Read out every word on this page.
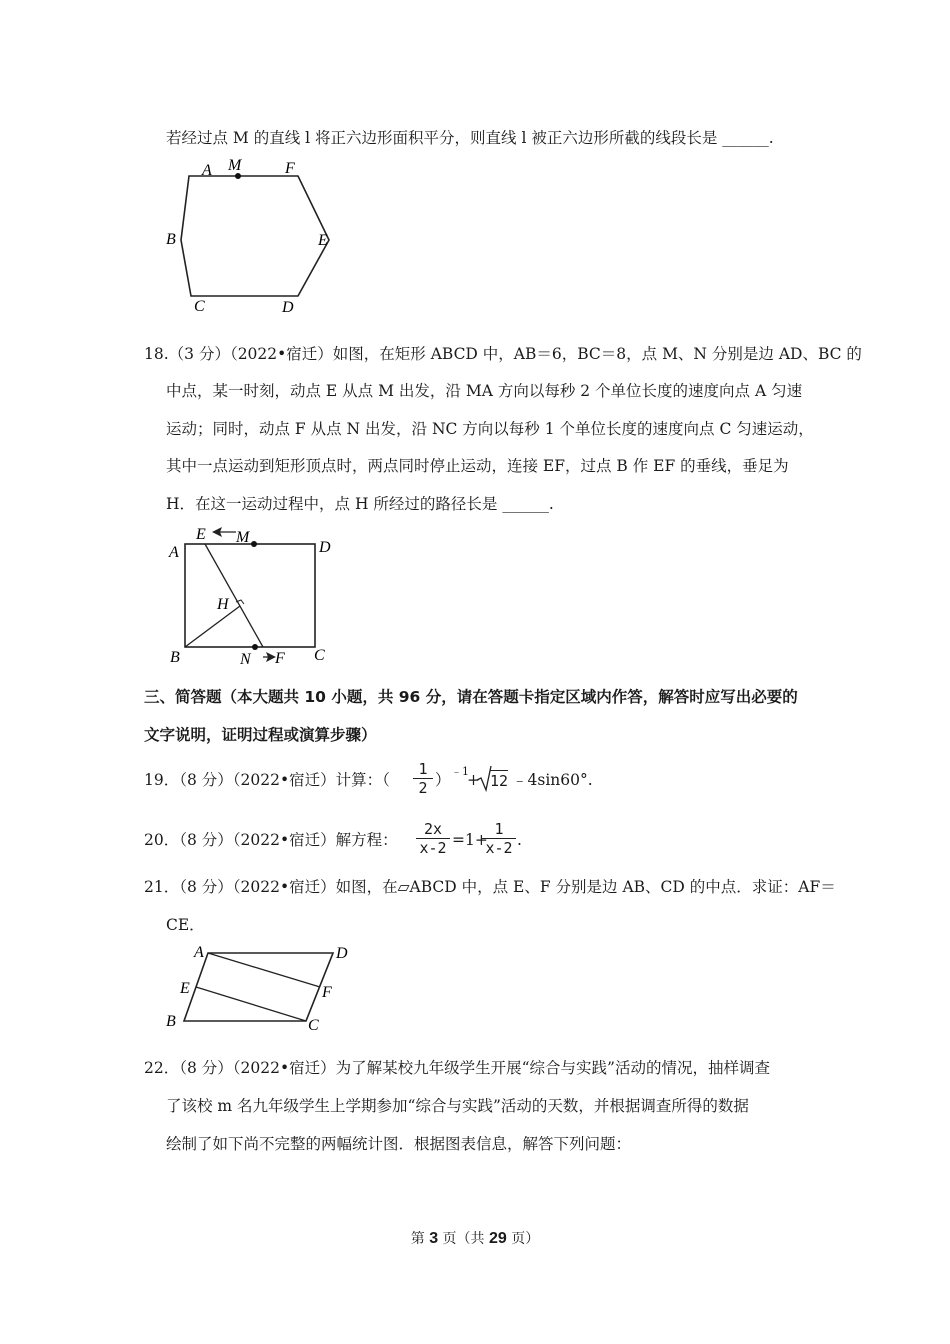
若经过点 M 的直线 l 将正六边形面积平分，则直线 l 被正六边形所截的线段长是 ______.
A M	F
B	E
C	D
18.（3 分）（2022•宿迁）如图，在矩形 ABCD 中，AB＝6，BC＝8，点 M、N 分别是边 AD、BC 的
中点，某一时刻，动点 E 从点 M 出发，沿 MA 方向以每秒 2 个单位长度的速度向点 A 匀速
运动；同时，动点 F 从点 N 出发，沿 NC 方向以每秒 1 个单位长度的速度向点 C 匀速运动，
其中一点运动到矩形顶点时，两点同时停止运动，连接 EF，过点 B 作 EF 的垂线，垂足为
H．在这一运动过程中，点 H 所经过的路径长是 ______.
A
E M
D
H
B	N F C
三、简答题（本大题共 10 小题，共 96 分，请在答题卡指定区域内作答，解答时应写出必要的
文字说明，证明过程或演算步骤）
19．（8 分）（2022•宿迁）计算：（ $\frac{1}{2}$ ） ﹣1
+ 12 ﹣4sin60°.
20．（8 分）（2022•宿迁）解方程： $\frac{2x}{x-2} =1+$
$\frac{1}{x-2}$ .
21．（8 分）（2022•宿迁）如图，在▱ABCD 中，点 E、F 分别是边 AB、CD 的中点．求证：AF＝
CE．
A	D
E	F
B	C
22．（8 分）（2022•宿迁）为了解某校九年级学生开展“综合与实践”活动的情况，抽样调查
了该校 m 名九年级学生上学期参加“综合与实践”活动的天数，并根据调查所得的数据
绘制了如下尚不完整的两幅统计图．根据图表信息，解答下列问题：
第 3 页（共 29 页）
